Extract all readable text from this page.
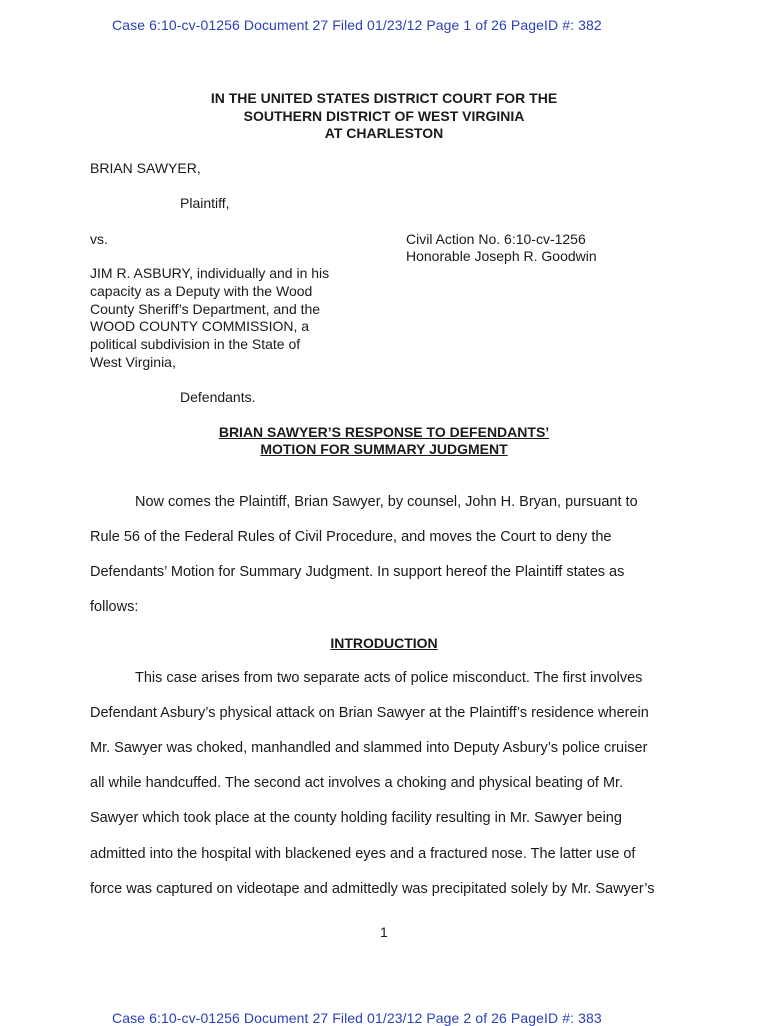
Case 6:10-cv-01256 Document 27 Filed 01/23/12 Page 1 of 26 PageID #: 382
IN THE UNITED STATES DISTRICT COURT FOR THE
SOUTHERN DISTRICT OF WEST VIRGINIA
AT CHARLESTON
BRIAN SAWYER,
Plaintiff,
vs.	Civil Action No. 6:10-cv-1256
Honorable Joseph R. Goodwin
JIM R. ASBURY, individually and in his
capacity as a Deputy with the Wood
County Sheriff’s Department, and the
WOOD COUNTY COMMISSION, a
political subdivision in the State of
West Virginia,
Defendants.
BRIAN SAWYER’S RESPONSE TO DEFENDANTS’
MOTION FOR SUMMARY JUDGMENT
Now comes the Plaintiff, Brian Sawyer, by counsel, John H. Bryan, pursuant to
Rule 56 of the Federal Rules of Civil Procedure, and moves the Court to deny the
Defendants’ Motion for Summary Judgment. In support hereof the Plaintiff states as
follows:
INTRODUCTION
This case arises from two separate acts of police misconduct. The first involves
Defendant Asbury’s physical attack on Brian Sawyer at the Plaintiff’s residence wherein
Mr. Sawyer was choked, manhandled and slammed into Deputy Asbury’s police cruiser
all while handcuffed. The second act involves a choking and physical beating of Mr.
Sawyer which took place at the county holding facility resulting in Mr. Sawyer being
admitted into the hospital with blackened eyes and a fractured nose. The latter use of
force was captured on videotape and admittedly was precipitated solely by Mr. Sawyer’s
1
Case 6:10-cv-01256 Document 27 Filed 01/23/12 Page 2 of 26 PageID #: 383
